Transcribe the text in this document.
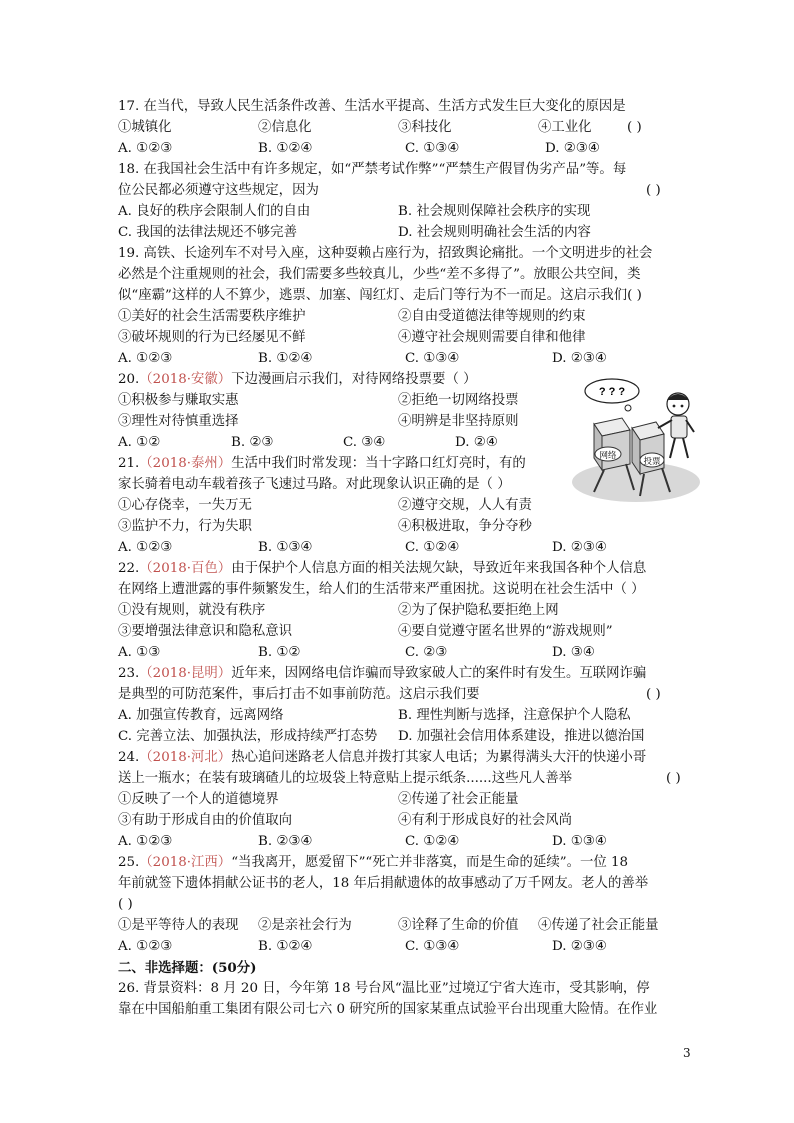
17. 在当代，导致人民生活条件改善、生活水平提高、生活方式发生巨大变化的原因是
①城镇化	②信息化	③科技化	④工业化	( )
A. ①②③	B. ①②④	C. ①③④	D. ②③④
18. 在我国社会生活中有许多规定，如“严禁考试作弊”“严禁生产假冒伪劣产品”等。每
位公民都必须遵守这些规定，因为	( )
A. 良好的秩序会限制人们的自由	B. 社会规则保障社会秩序的实现
C. 我国的法律法规还不够完善	D. 社会规则明确社会生活的内容
19. 高铁、长途列车不对号入座，这种耍赖占座行为，招致舆论痛批。一个文明进步的社会
必然是个注重规则的社会，我们需要多些较真儿，少些“差不多得了”。放眼公共空间，类
似“座霸”这样的人不算少，逃票、加塞、闯红灯、走后门等行为不一而足。这启示我们( )
①美好的社会生活需要秩序维护	②自由受道德法律等规则的约束
③破坏规则的行为已经屡见不鲜	④遵守社会规则需要自律和他律
A. ①②③	B. ①②④	C. ①③④	D. ②③④
20.（2018·安徽）下边漫画启示我们，对待网络投票要（ ）
①积极参与赚取实惠	②拒绝一切网络投票
③理性对待慎重选择	④明辨是非坚持原则
A. ①②	B. ②③	C. ③④	D. ②④
? ? ?
网络
投票
21.（2018·泰州）生活中我们时常发现：当十字路口红灯亮时，有的
家长骑着电动车载着孩子飞速过马路。对此现象认识正确的是（ ）
①心存侥幸，一失万无	②遵守交规，人人有责
③监护不力，行为失职	④积极进取，争分夺秒
A. ①②③	B. ①③④	C. ①②④	D. ②③④
22.（2018·百色）由于保护个人信息方面的相关法规欠缺，导致近年来我国各种个人信息
在网络上遭泄露的事件频繁发生，给人们的生活带来严重困扰。这说明在社会生活中（ ）
①没有规则，就没有秩序	②为了保护隐私要拒绝上网
③要增强法律意识和隐私意识	④要自觉遵守匿名世界的“游戏规则”
A. ①③	B. ①②	C. ②③	D. ③④
23.（2018·昆明）近年来，因网络电信诈骗而导致家破人亡的案件时有发生。互联网诈骗
是典型的可防范案件，事后打击不如事前防范。这启示我们要	( )
A. 加强宣传教育，远离网络	B. 理性判断与选择，注意保护个人隐私
C. 完善立法、加强执法，形成持续严打态势 D. 加强社会信用体系建设，推进以德治国
24.（2018·河北）热心追问迷路老人信息并拨打其家人电话；为累得满头大汗的快递小哥
送上一瓶水；在装有玻璃碴儿的垃圾袋上特意贴上提示纸条......这些凡人善举	( )
①反映了一个人的道德境界	②传递了社会正能量
③有助于形成自由的价值取向	④有利于形成良好的社会风尚
A. ①②③	B. ②③④	C. ①②④	D. ①③④
25.（2018·江西）“当我离开，愿爱留下”“死亡并非落寞，而是生命的延续”。一位 18
年前就签下遗体捐献公证书的老人，18 年后捐献遗体的故事感动了万千网友。老人的善举
( )
①是平等待人的表现 ②是亲社会行为	③诠释了生命的价值 ④传递了社会正能量
A. ①②③	B. ①②④	C. ①③④	D. ②③④
二、非选择题：(50分)
26. 背景资料：8 月 20 日，今年第 18 号台风“温比亚”过境辽宁省大连市，受其影响，停
靠在中国船舶重工集团有限公司七六 0 研究所的国家某重点试验平台出现重大险情。在作业
3
